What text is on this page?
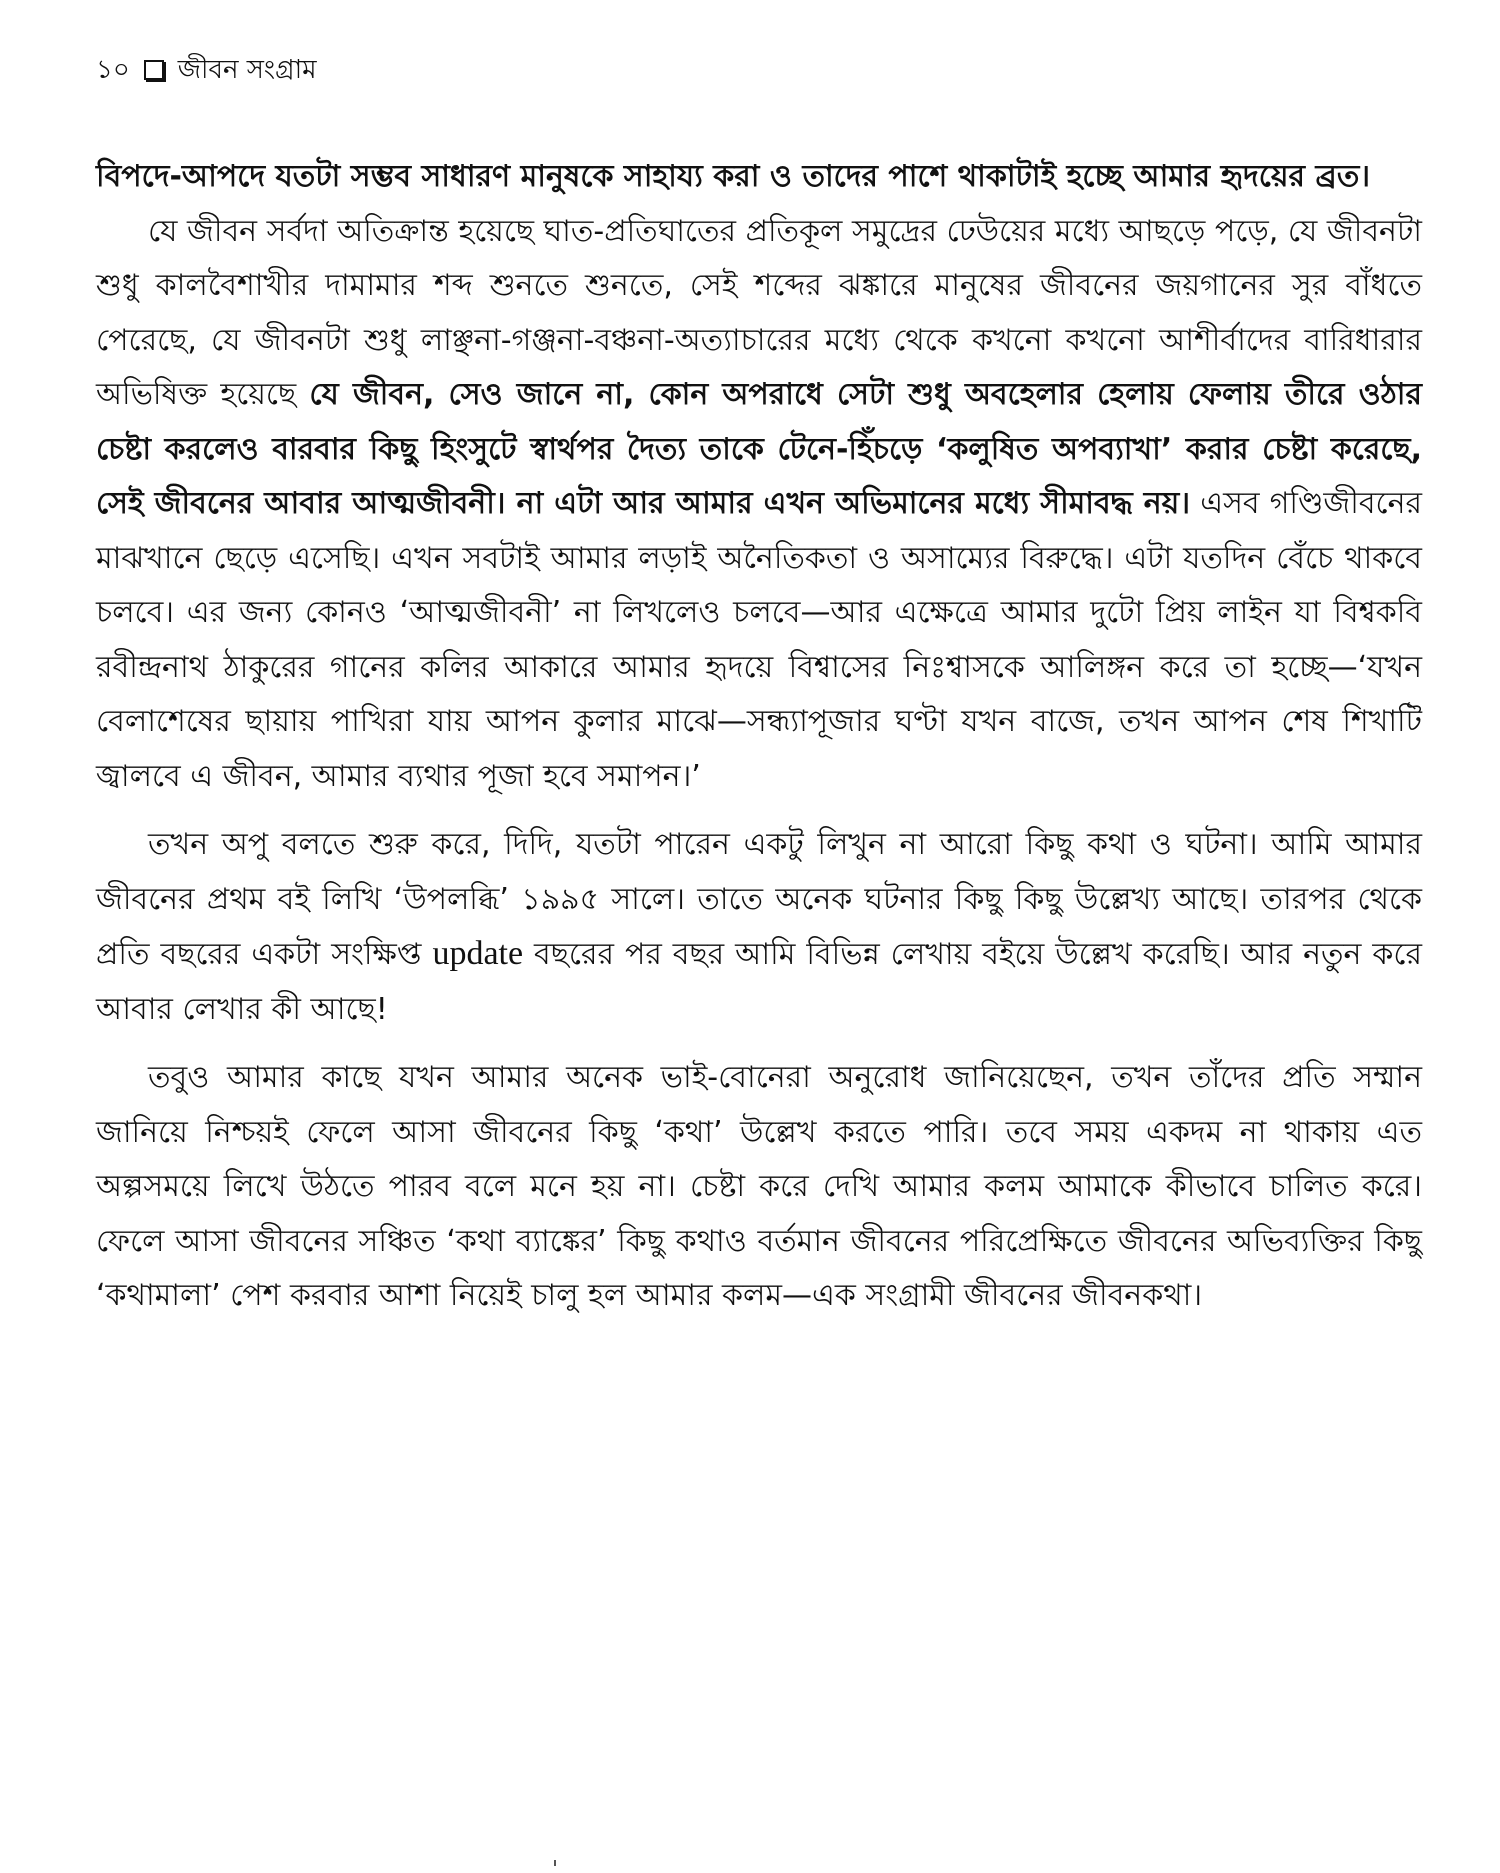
১০ জীবন সংগ্রাম

বিপদে-আপদে যতটা সম্ভব সাধারণ মানুষকে সাহায্য করা ও তাদের পাশে থাকাটাই হচ্ছে আমার হৃদয়ের ব্রত।

যে জীবন সর্বদা অতিক্রান্ত হয়েছে ঘাত-প্রতিঘাতের প্রতিকূল সমুদ্রের ঢেউয়ের মধ্যে আছড়ে পড়ে, যে জীবনটা শুধু কালবৈশাখীর দামামার শব্দ শুনতে শুনতে, সেই শব্দের ঝঙ্কারে মানুষের জীবনের জয়গানের সুর বাঁধতে পেরেছে, যে জীবনটা শুধু লাঞ্ছনা-গঞ্জনা-বঞ্চনা-অত্যাচারের মধ্যে থেকে কখনো কখনো আশীর্বাদের বারিধারার অভিষিক্ত হয়েছে যে জীবন, সেও জানে না, কোন অপরাধে সেটা শুধু অবহেলার হেলায় ফেলায় তীরে ওঠার চেষ্টা করলেও বারবার কিছু হিংসুটে স্বার্থপর দৈত্য তাকে টেনে-হিঁচড়ে ‘কলুষিত অপব্যাখা’ করার চেষ্টা করেছে, সেই জীবনের আবার আত্মজীবনী। না এটা আর আমার এখন অভিমানের মধ্যে সীমাবদ্ধ নয়। এসব গণ্ডিজীবনের মাঝখানে ছেড়ে এসেছি। এখন সবটাই আমার লড়াই অনৈতিকতা ও অসাম্যের বিরুদ্ধে। এটা যতদিন বেঁচে থাকবে চলবে। এর জন্য কোনও ‘আত্মজীবনী’ না লিখলেও চলবে—আর এক্ষেত্রে আমার দুটো প্রিয় লাইন যা বিশ্বকবি রবীন্দ্রনাথ ঠাকুরের গানের কলির আকারে আমার হৃদয়ে বিশ্বাসের নিঃশ্বাসকে আলিঙ্গন করে তা হচ্ছে—‘যখন বেলাশেষের ছায়ায় পাখিরা যায় আপন কুলার মাঝে—সন্ধ্যাপূজার ঘণ্টা যখন বাজে, তখন আপন শেষ শিখাটি জ্বালবে এ জীবন, আমার ব্যথার পূজা হবে সমাপন।’

তখন অপু বলতে শুরু করে, দিদি, যতটা পারেন একটু লিখুন না আরো কিছু কথা ও ঘটনা। আমি আমার জীবনের প্রথম বই লিখি ‘উপলব্ধি’ ১৯৯৫ সালে। তাতে অনেক ঘটনার কিছু কিছু উল্লেখ্য আছে। তারপর থেকে প্রতি বছরের একটা সংক্ষিপ্ত update বছরের পর বছর আমি বিভিন্ন লেখায় বইয়ে উল্লেখ করেছি। আর নতুন করে আবার লেখার কী আছে!

তবুও আমার কাছে যখন আমার অনেক ভাই-বোনেরা অনুরোধ জানিয়েছেন, তখন তাঁদের প্রতি সম্মান জানিয়ে নিশ্চয়ই ফেলে আসা জীবনের কিছু ‘কথা’ উল্লেখ করতে পারি। তবে সময় একদম না থাকায় এত অল্পসময়ে লিখে উঠতে পারব বলে মনে হয় না। চেষ্টা করে দেখি আমার কলম আমাকে কীভাবে চালিত করে। ফেলে আসা জীবনের সঞ্চিত ‘কথা ব্যাঙ্কের’ কিছু কথাও বর্তমান জীবনের পরিপ্রেক্ষিতে জীবনের অভিব্যক্তির কিছু ‘কথামালা’ পেশ করবার আশা নিয়েই চালু হল আমার কলম—এক সংগ্রামী জীবনের জীবনকথা।
